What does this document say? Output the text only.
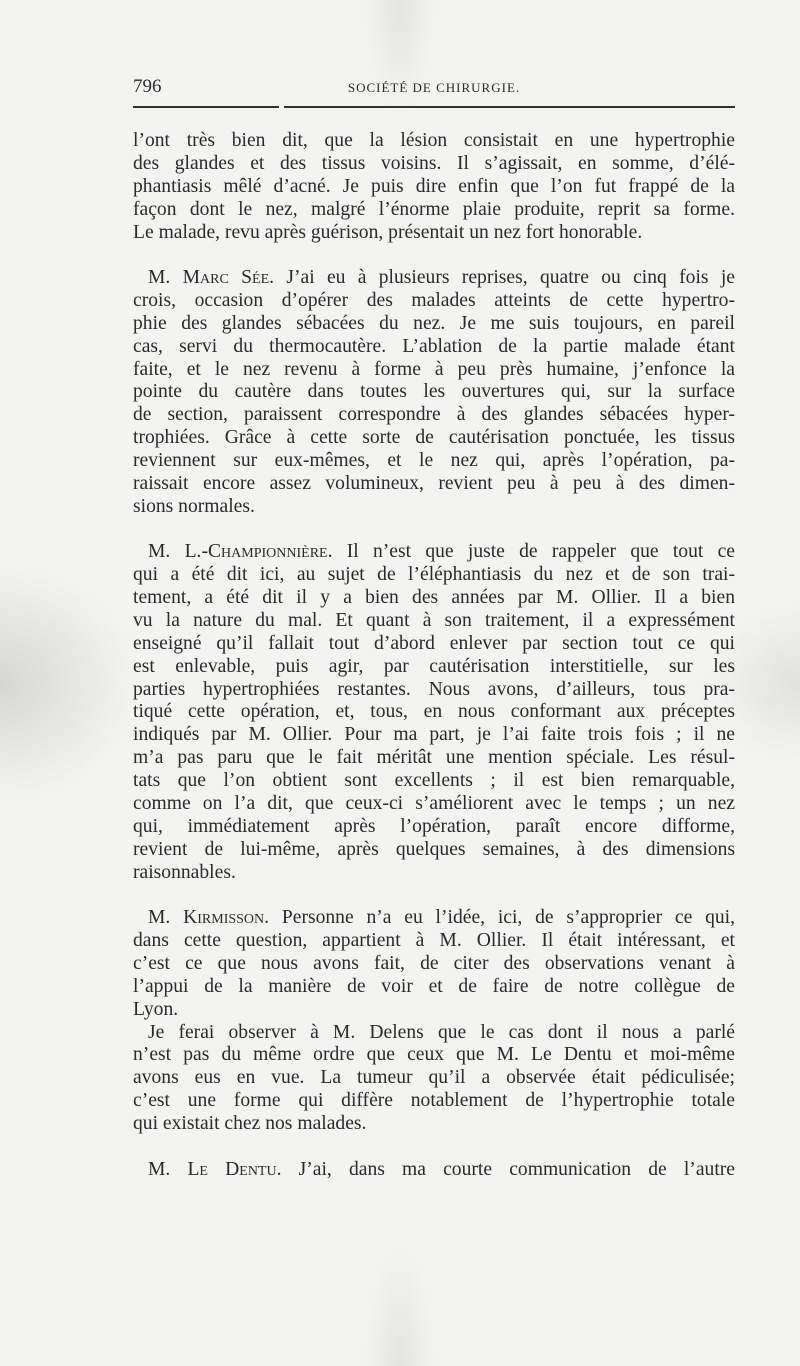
796	SOCIÉTÉ DE CHIRURGIE.
l’ont très bien dit, que la lésion consistait en une hypertrophie
des glandes et des tissus voisins. Il s’agissait, en somme, d’élé-
phantiasis mêlé d’acné. Je puis dire enfin que l’on fut frappé de la
façon dont le nez, malgré l’énorme plaie produite, reprit sa forme.
Le malade, revu après guérison, présentait un nez fort honorable.
M. Marc Sée. J’ai eu à plusieurs reprises, quatre ou cinq fois je
crois, occasion d’opérer des malades atteints de cette hypertro-
phie des glandes sébacées du nez. Je me suis toujours, en pareil
cas, servi du thermocautère. L’ablation de la partie malade étant
faite, et le nez revenu à forme à peu près humaine, j’enfonce la
pointe du cautère dans toutes les ouvertures qui, sur la surface
de section, paraissent correspondre à des glandes sébacées hyper-
trophiées. Grâce à cette sorte de cautérisation ponctuée, les tissus
reviennent sur eux-mêmes, et le nez qui, après l’opération, pa-
raissait encore assez volumineux, revient peu à peu à des dimen-
sions normales.
M. L.-Championnière. Il n’est que juste de rappeler que tout ce
qui a été dit ici, au sujet de l’éléphantiasis du nez et de son trai-
tement, a été dit il y a bien des années par M. Ollier. Il a bien
vu la nature du mal. Et quant à son traitement, il a expressément
enseigné qu’il fallait tout d’abord enlever par section tout ce qui
est enlevable, puis agir, par cautérisation interstitielle, sur les
parties hypertrophiées restantes. Nous avons, d’ailleurs, tous pra-
tiqué cette opération, et, tous, en nous conformant aux préceptes
indiqués par M. Ollier. Pour ma part, je l’ai faite trois fois ; il ne
m’a pas paru que le fait méritât une mention spéciale. Les résul-
tats que l’on obtient sont excellents ; il est bien remarquable,
comme on l’a dit, que ceux-ci s’améliorent avec le temps ; un nez
qui, immédiatement après l’opération, paraît encore difforme,
revient de lui-même, après quelques semaines, à des dimensions
raisonnables.
M. Kirmisson. Personne n’a eu l’idée, ici, de s’approprier ce qui,
dans cette question, appartient à M. Ollier. Il était intéressant, et
c’est ce que nous avons fait, de citer des observations venant à
l’appui de la manière de voir et de faire de notre collègue de
Lyon.
Je ferai observer à M. Delens que le cas dont il nous a parlé
n’est pas du même ordre que ceux que M. Le Dentu et moi-même
avons eus en vue. La tumeur qu’il a observée était pédiculisée;
c’est une forme qui diffère notablement de l’hypertrophie totale
qui existait chez nos malades.
M. Le Dentu. J’ai, dans ma courte communication de l’autre
